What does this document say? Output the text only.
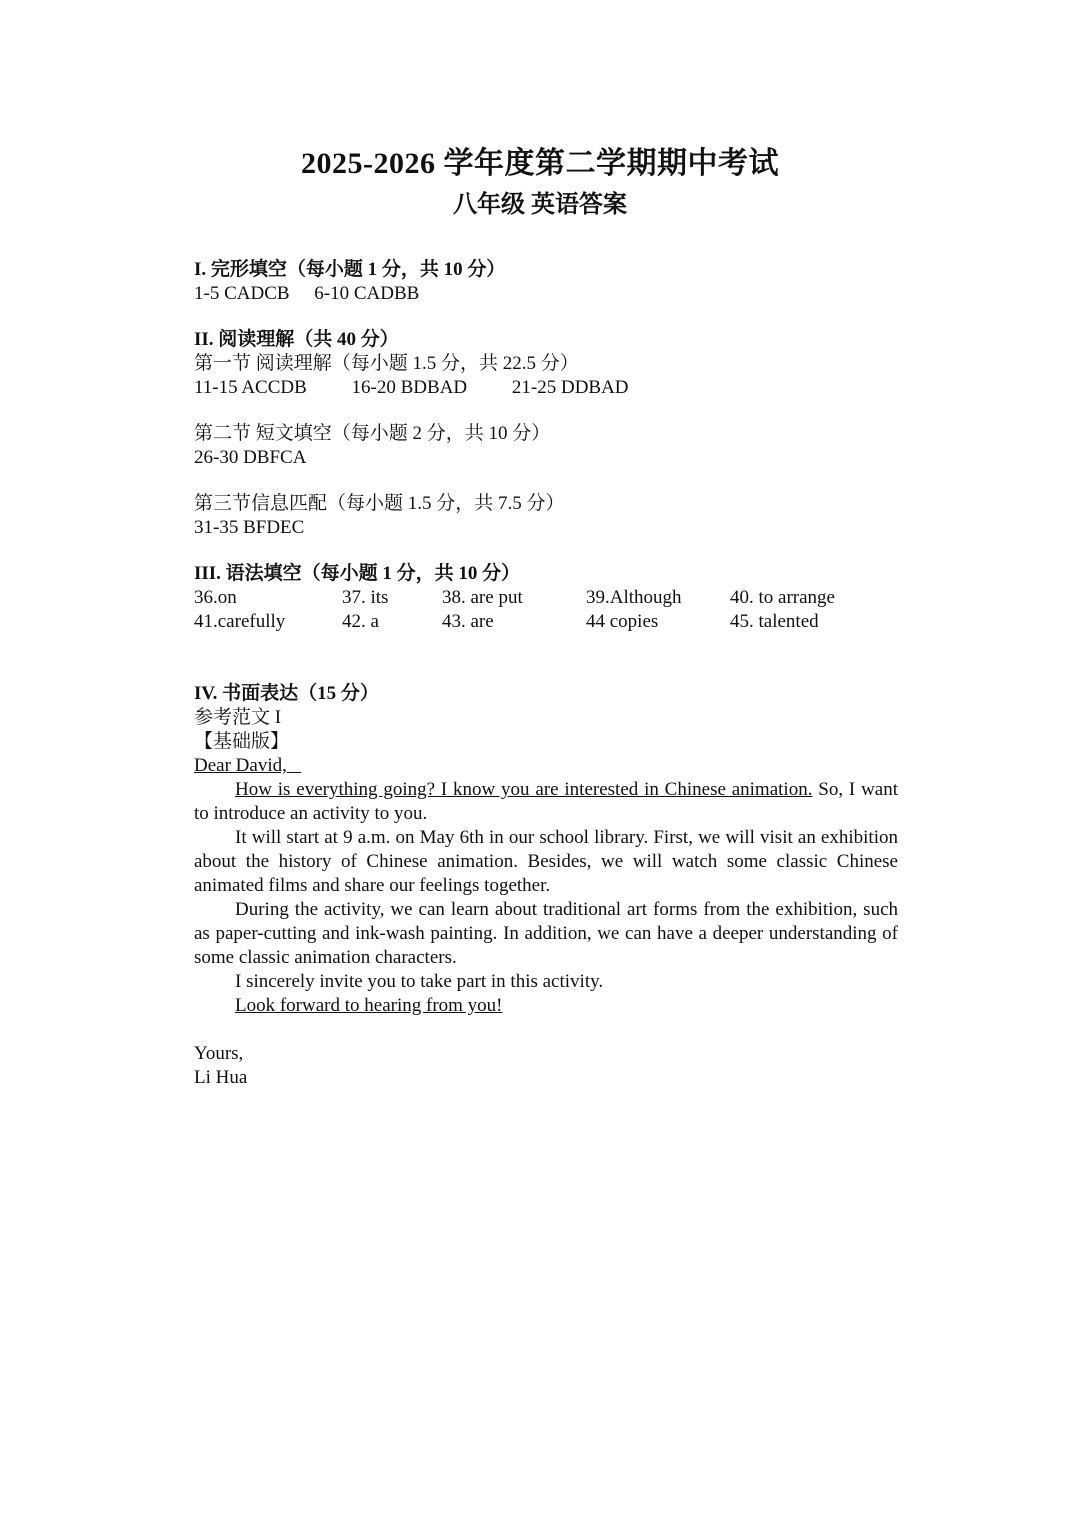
2025-2026 学年度第二学期期中考试
八年级 英语答案
I. 完形填空（每小题 1 分，共 10 分）
1-5 CADCB 6-10 CADBB
II. 阅读理解（共 40 分）
第一节 阅读理解（每小题 1.5 分，共 22.5 分）
11-15 ACCDB 16-20 BDBAD 21-25 DDBAD
第二节 短文填空（每小题 2 分，共 10 分）
26-30 DBFCA
第三节信息匹配（每小题 1.5 分，共 7.5 分）
31-35 BFDEC
III. 语法填空（每小题 1 分，共 10 分）
36.on	37. its	38. are put	39.Although	40. to arrange
41.carefully	42. a	43. are	44 copies	45. talented
IV. 书面表达（15 分）
参考范文 I
【基础版】

Dear David,

How is everything going? I know you are interested in Chinese animation. So, I want to introduce an activity to you.

It will start at 9 a.m. on May 6th in our school library. First, we will visit an exhibition about the history of Chinese animation. Besides, we will watch some classic Chinese animated films and share our feelings together.

During the activity, we can learn about traditional art forms from the exhibition, such as paper-cutting and ink-wash painting. In addition, we can have a deeper understanding of some classic animation characters.

I sincerely invite you to take part in this activity.

Look forward to hearing from you!

Yours,

Li Hua
